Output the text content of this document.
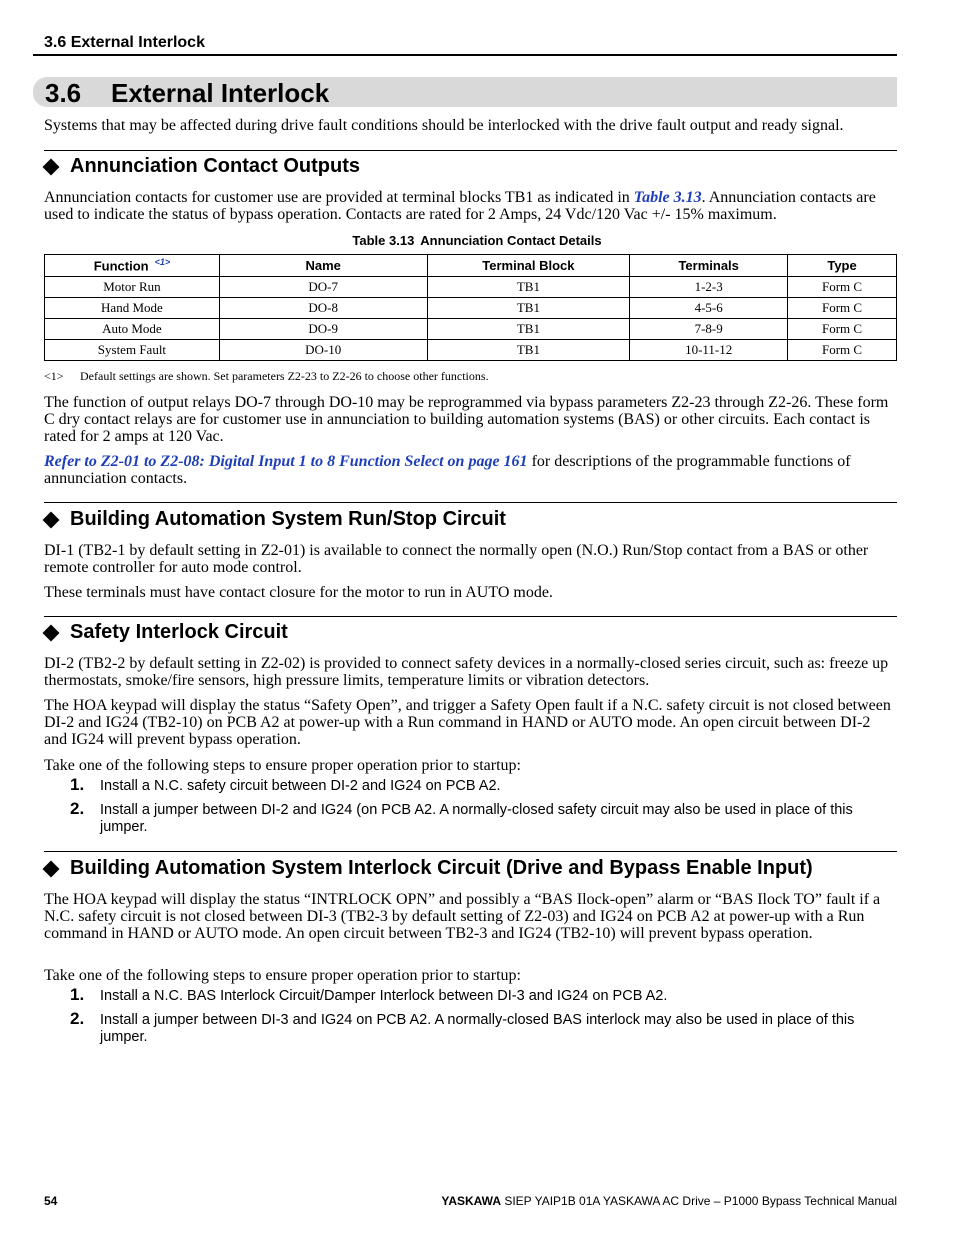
3.6 External Interlock
3.6 External Interlock
Systems that may be affected during drive fault conditions should be interlocked with the drive fault output and ready signal.
Annunciation Contact Outputs
Annunciation contacts for customer use are provided at terminal blocks TB1 as indicated in Table 3.13. Annunciation contacts are used to indicate the status of bypass operation. Contacts are rated for 2 Amps, 24 Vdc/120 Vac +/- 15% maximum.
Table 3.13 Annunciation Contact Details
Function $^{<1>}$	Name	Terminal Block	Terminals	Type
Motor Run	DO-7	TB1	1-2-3	Form C
Hand Mode	DO-8	TB1	4-5-6	Form C
Auto Mode	DO-9	TB1	7-8-9	Form C
System Fault	DO-10	TB1	10-11-12	Form C
<1> Default settings are shown. Set parameters Z2-23 to Z2-26 to choose other functions.
The function of output relays DO-7 through DO-10 may be reprogrammed via bypass parameters Z2-23 through Z2-26. These form C dry contact relays are for customer use in annunciation to building automation systems (BAS) or other circuits. Each contact is rated for 2 amps at 120 Vac.
Refer to Z2-01 to Z2-08: Digital Input 1 to 8 Function Select on page 161 for descriptions of the programmable functions of annunciation contacts.
Building Automation System Run/Stop Circuit
DI-1 (TB2-1 by default setting in Z2-01) is available to connect the normally open (N.O.) Run/Stop contact from a BAS or other remote controller for auto mode control.
These terminals must have contact closure for the motor to run in AUTO mode.
Safety Interlock Circuit
DI-2 (TB2-2 by default setting in Z2-02) is provided to connect safety devices in a normally-closed series circuit, such as: freeze up thermostats, smoke/fire sensors, high pressure limits, temperature limits or vibration detectors.
The HOA keypad will display the status “Safety Open”, and trigger a Safety Open fault if a N.C. safety circuit is not closed between DI-2 and IG24 (TB2-10) on PCB A2 at power-up with a Run command in HAND or AUTO mode. An open circuit between DI-2 and IG24 will prevent bypass operation.
Take one of the following steps to ensure proper operation prior to startup:
1. Install a N.C. safety circuit between DI-2 and IG24 on PCB A2.
2. Install a jumper between DI-2 and IG24 (on PCB A2. A normally-closed safety circuit may also be used in place of this jumper.
Building Automation System Interlock Circuit (Drive and Bypass Enable Input)
The HOA keypad will display the status “INTRLOCK OPN” and possibly a “BAS Ilock-open” alarm or “BAS Ilock TO” fault if a N.C. safety circuit is not closed between DI-3 (TB2-3 by default setting of Z2-03) and IG24 on PCB A2 at power-up with a Run command in HAND or AUTO mode. An open circuit between TB2-3 and IG24 (TB2-10) will prevent bypass operation.
Take one of the following steps to ensure proper operation prior to startup:
1. Install a N.C. BAS Interlock Circuit/Damper Interlock between DI-3 and IG24 on PCB A2.
2. Install a jumper between DI-3 and IG24 on PCB A2. A normally-closed BAS interlock may also be used in place of this jumper.
54	YASKAWA SIEP YAIP1B 01A YASKAWA AC Drive – P1000 Bypass Technical Manual
